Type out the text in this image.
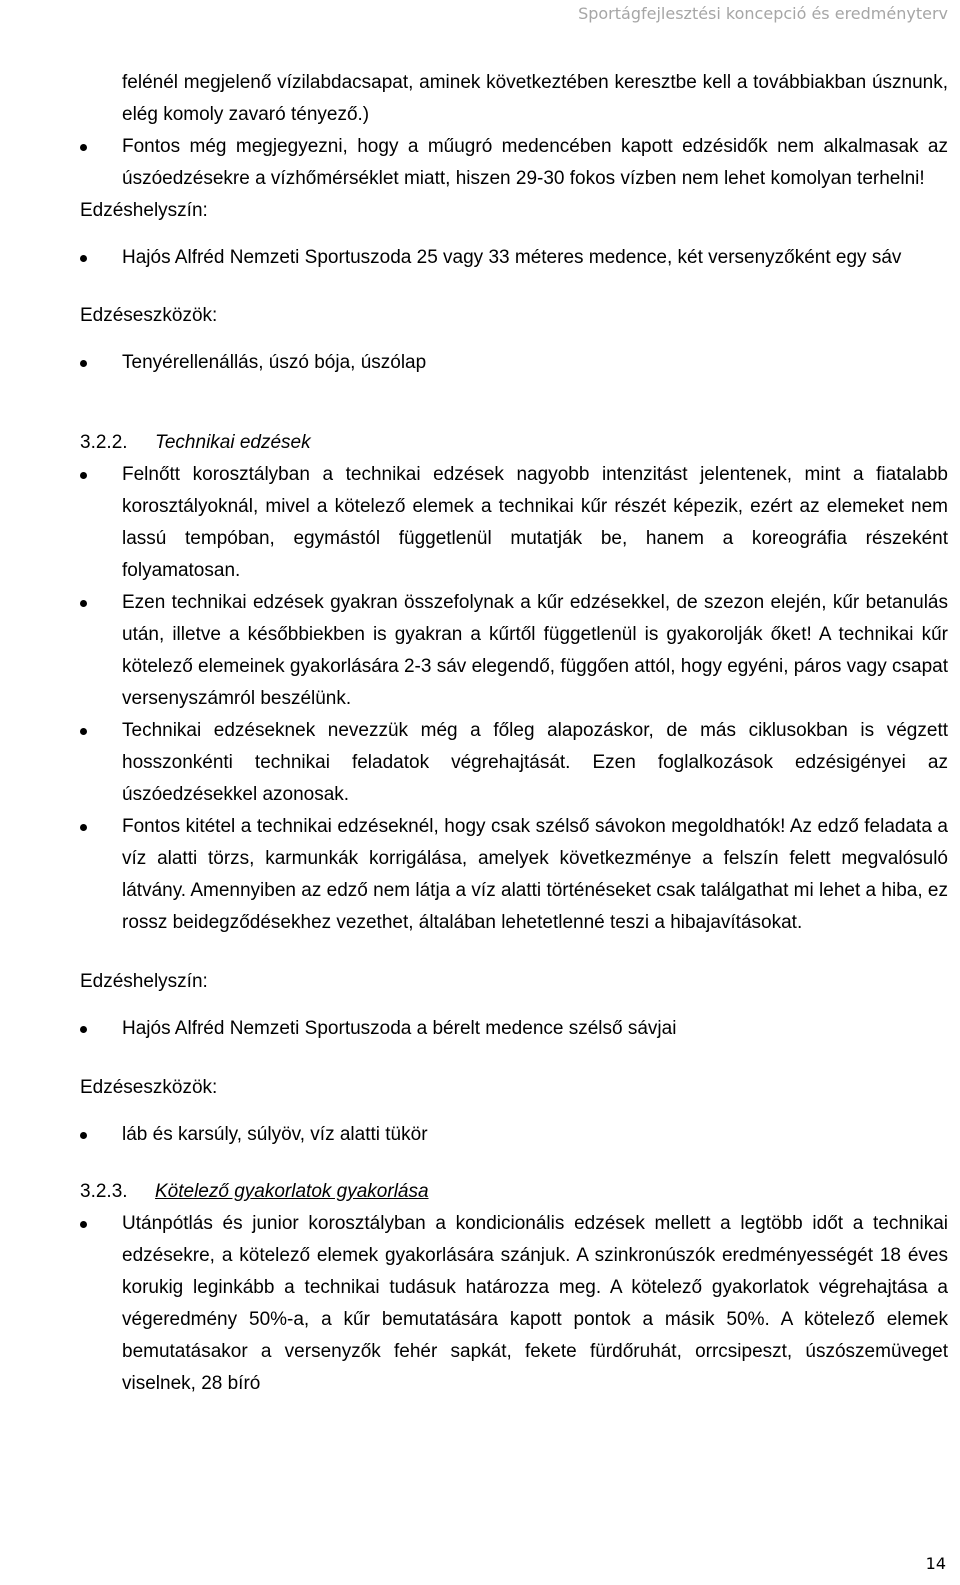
Sportágfejlesztési koncepció és eredményterv

felénél megjelenő vízilabdacsapat, aminek következtében keresztbe kell a továbbiakban úsznunk, elég komoly zavaró tényező.)

Fontos még megjegyezni, hogy a műugró medencében kapott edzésidők nem alkalmasak az úszóedzésekre a vízhőmérséklet miatt, hiszen 29-30 fokos vízben nem lehet komolyan terhelni!

Edzéshelyszín:

Hajós Alfréd Nemzeti Sportuszoda 25 vagy 33 méteres medence, két versenyzőként egy sáv

Edzéseszközök:

Tenyérellenállás, úszó bója, úszólap

3.2.2. Technikai edzések

Felnőtt korosztályban a technikai edzések nagyobb intenzitást jelentenek, mint a fiatalabb korosztályoknál, mivel a kötelező elemek a technikai kűr részét képezik, ezért az elemeket nem lassú tempóban, egymástól függetlenül mutatják be, hanem a koreográfia részeként folyamatosan.
Ezen technikai edzések gyakran összefolynak a kűr edzésekkel, de szezon elején, kűr betanulás után, illetve a későbbiekben is gyakran a kűrtől függetlenül is gyakorolják őket! A technikai kűr kötelező elemeinek gyakorlására 2-3 sáv elegendő, függően attól, hogy egyéni, páros vagy csapat versenyszámról beszélünk.
Technikai edzéseknek nevezzük még a főleg alapozáskor, de más ciklusokban is végzett hosszonkénti technikai feladatok végrehajtását. Ezen foglalkozások edzésigényei az úszóedzésekkel azonosak.
Fontos kitétel a technikai edzéseknél, hogy csak szélső sávokon megoldhatók! Az edző feladata a víz alatti törzs, karmunkák korrigálása, amelyek következménye a felszín felett megvalósuló látvány. Amennyiben az edző nem látja a víz alatti történéseket csak találgathat mi lehet a hiba, ez rossz beidegződésekhez vezethet, általában lehetetlenné teszi a hibajavításokat.

Edzéshelyszín:

Hajós Alfréd Nemzeti Sportuszoda a bérelt medence szélső sávjai

Edzéseszközök:

láb és karsúly, súlyöv, víz alatti tükör

3.2.3. Kötelező gyakorlatok gyakorlása

Utánpótlás és junior korosztályban a kondicionális edzések mellett a legtöbb időt a technikai edzésekre, a kötelező elemek gyakorlására szánjuk. A szinkronúszók eredményességét 18 éves korukig leginkább a technikai tudásuk határozza meg. A kötelező gyakorlatok végrehajtása a végeredmény 50%-a, a kűr bemutatására kapott pontok a másik 50%. A kötelező elemek bemutatásakor a versenyzők fehér sapkát, fekete fürdőruhát, orrcsipeszt, úszószemüveget viselnek, 28 bíró
14
